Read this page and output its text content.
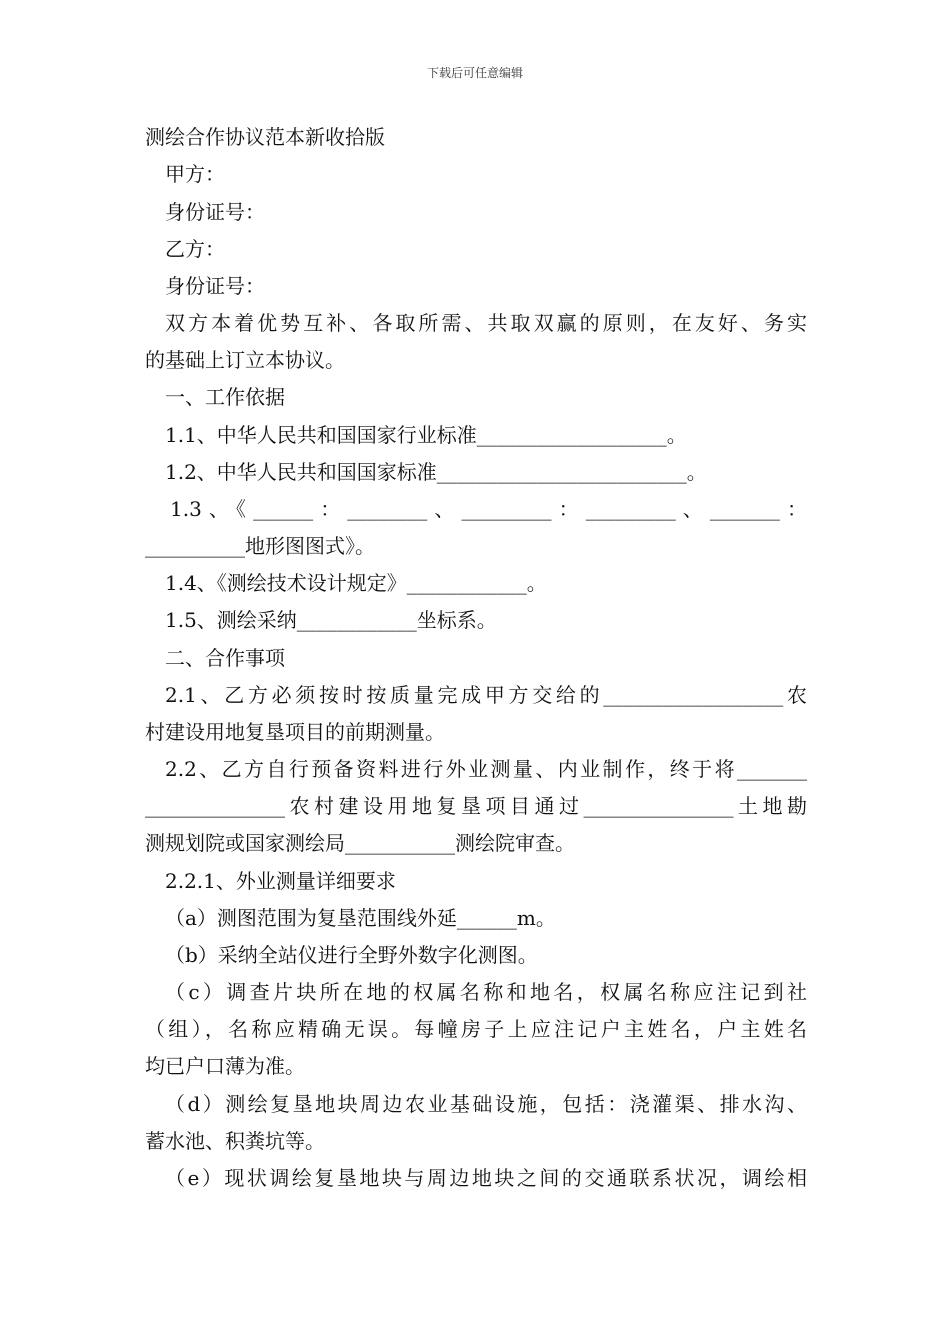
下载后可任意编辑
测绘合作协议范本新收拾版
甲方：
身份证号：
乙方：
身份证号：
双方本着优势互补、各取所需、共取双赢的原则，在友好、务实
的基础上订立本协议。
一、工作依据
1.1、中华人民共和国国家行业标准___________________。
1.2、中华人民共和国国家标准_________________________。
1.3、《______：________、_________：_________、_______：
__________地形图图式》。
1.4、《测绘技术设计规定》____________。
1.5、测绘采纳____________坐标系。
二、合作事项
2.1、乙方必须按时按质量完成甲方交给的__________________农
村建设用地复垦项目的前期测量。
2.2、乙方自行预备资料进行外业测量、内业制作，终于将_______
______________农村建设用地复垦项目通过_______________土地勘
测规划院或国家测绘局___________测绘院审查。
2.2.1、外业测量详细要求
（a）测图范围为复垦范围线外延______m。
（b）采纳全站仪进行全野外数字化测图。
（c）调查片块所在地的权属名称和地名，权属名称应注记到社
（组），名称应精确无误。每幢房子上应注记户主姓名，户主姓名
均已户口薄为准。
（d）测绘复垦地块周边农业基础设施，包括：浇灌渠、排水沟、
蓄水池、积粪坑等。
（e）现状调绘复垦地块与周边地块之间的交通联系状况，调绘相
